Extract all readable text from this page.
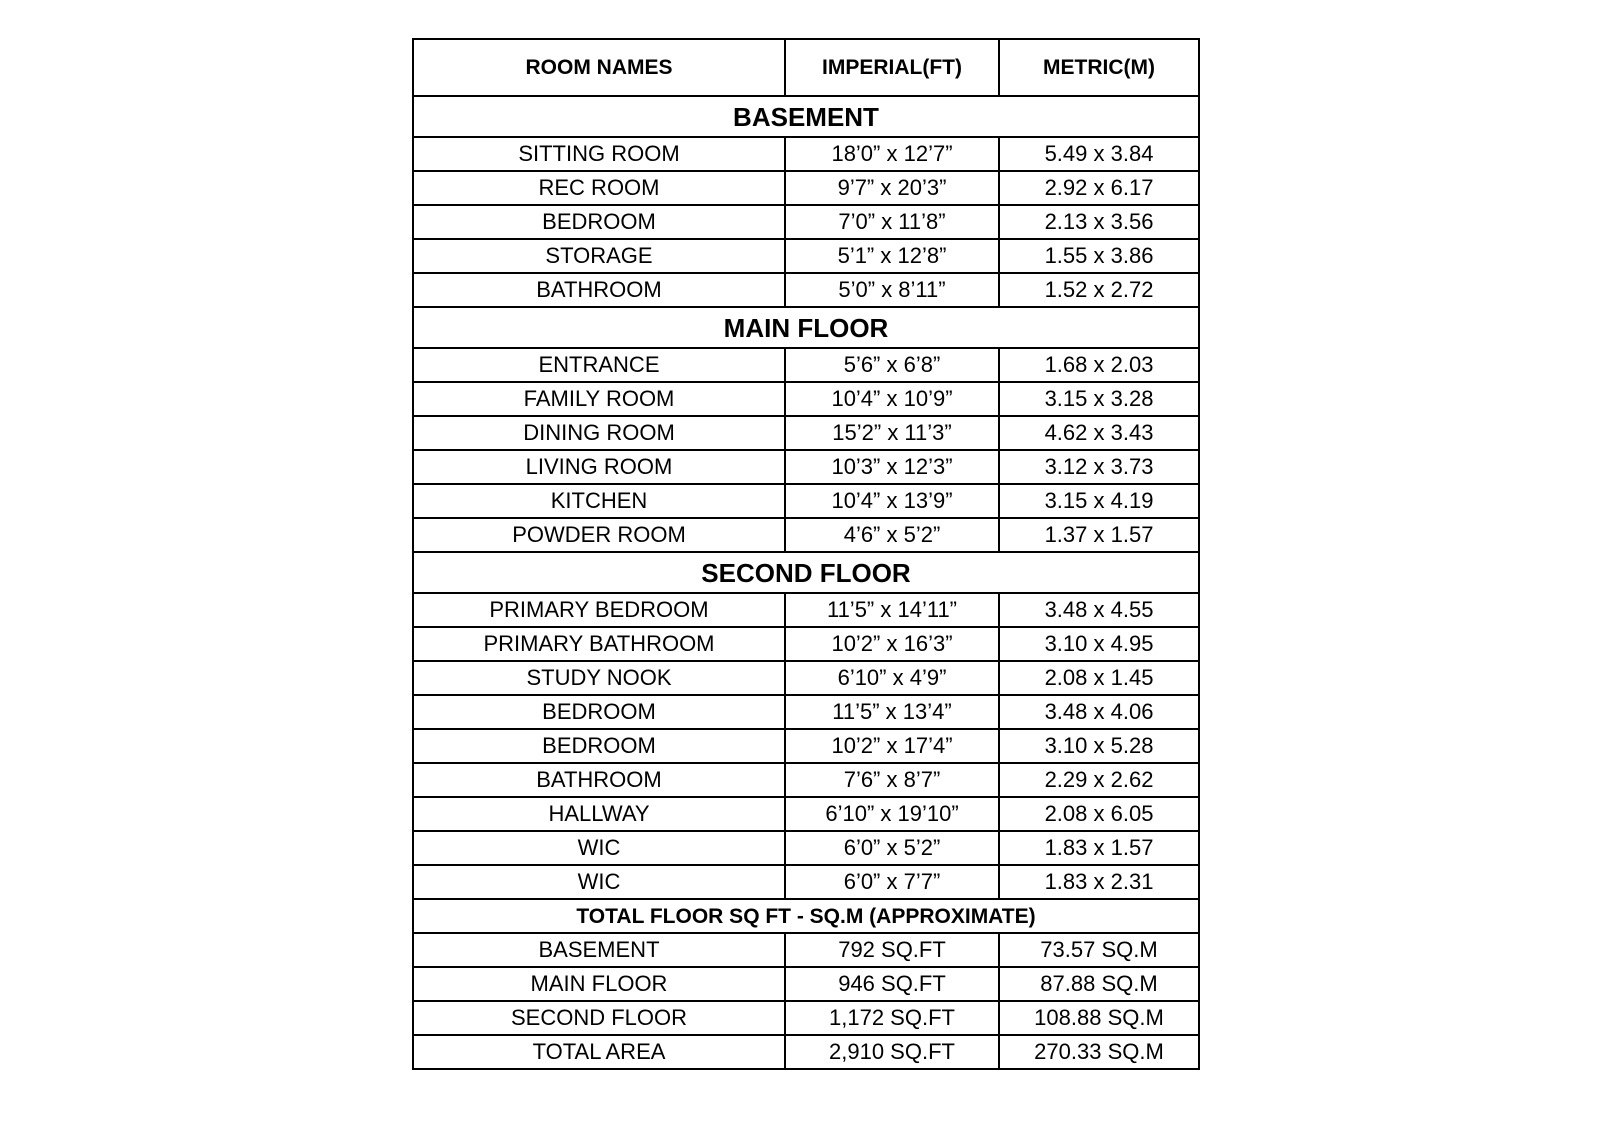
ROOM NAMES	IMPERIAL(FT)	METRIC(M)
BASEMENT		
SITTING ROOM	18’0” x 12’7”	5.49 x 3.84
REC ROOM	9’7” x 20’3”	2.92 x 6.17
BEDROOM	7’0” x 11’8”	2.13 x 3.56
STORAGE	5’1” x 12’8”	1.55 x 3.86
BATHROOM	5’0” x 8’11”	1.52 x 2.72
MAIN FLOOR		
ENTRANCE	5’6” x 6’8”	1.68 x 2.03
FAMILY ROOM	10’4” x 10’9”	3.15 x 3.28
DINING ROOM	15’2” x 11’3”	4.62 x 3.43
LIVING ROOM	10’3” x 12’3”	3.12 x 3.73
KITCHEN	10’4” x 13’9”	3.15 x 4.19
POWDER ROOM	4’6” x 5’2”	1.37 x 1.57
SECOND FLOOR		
PRIMARY BEDROOM	11’5” x 14’11”	3.48 x 4.55
PRIMARY BATHROOM	10’2” x 16’3”	3.10 x 4.95
STUDY NOOK	6’10” x 4’9”	2.08 x 1.45
BEDROOM	11’5” x 13’4”	3.48 x 4.06
BEDROOM	10’2” x 17’4”	3.10 x 5.28
BATHROOM	7’6” x 8’7”	2.29 x 2.62
HALLWAY	6’10” x 19’10”	2.08 x 6.05
WIC	6’0” x 5’2”	1.83 x 1.57
WIC	6’0” x 7’7”	1.83 x 2.31
TOTAL FLOOR SQ FT - SQ.M (APPROXIMATE)		
BASEMENT	792 SQ.FT	73.57 SQ.M
MAIN FLOOR	946 SQ.FT	87.88 SQ.M
SECOND FLOOR	1,172 SQ.FT	108.88 SQ.M
TOTAL AREA	2,910 SQ.FT	270.33 SQ.M
